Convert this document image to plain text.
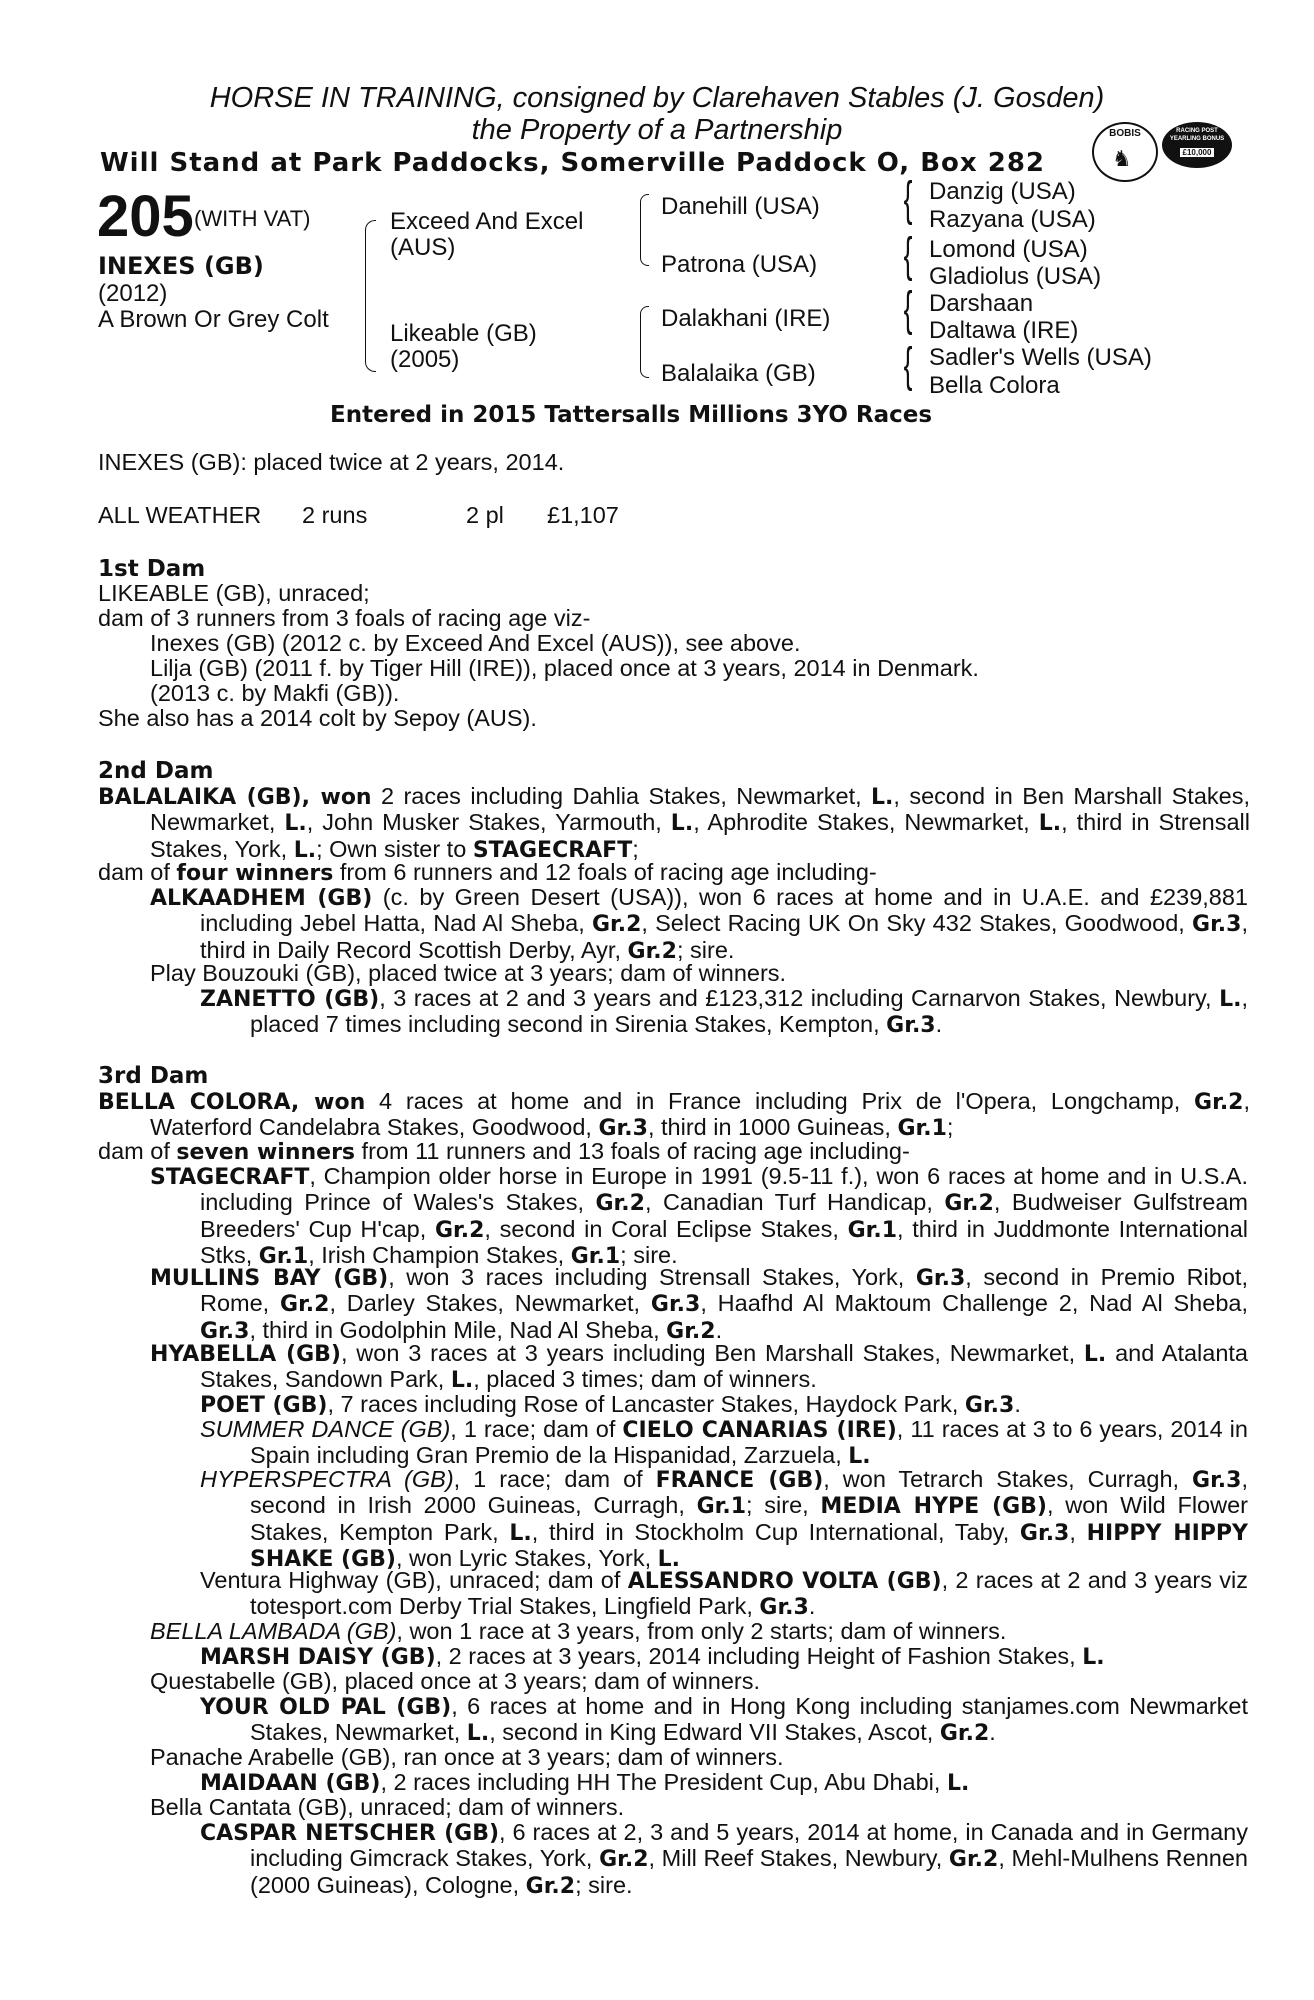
HORSE IN TRAINING, consigned by Clarehaven Stables (J. Gosden)
the Property of a Partnership
Will Stand at Park Paddocks, Somerville Paddock O, Box 282
BOBIS
♞
RACING POST
YEARLING BONUS
£10,000
205 (WITH VAT)
INEXES (GB)
(2012)
A Brown Or Grey Colt
Exceed And Excel
(AUS)
Likeable (GB)
(2005)
Danehill (USA)
Patrona (USA)
Dalakhani (IRE)
Balalaika (GB)
{
{
{
{
Danzig (USA)
Razyana (USA)
Lomond (USA)
Gladiolus (USA)
Darshaan
Daltawa (IRE)
Sadler's Wells (USA)
Bella Colora
Entered in 2015 Tattersalls Millions 3YO Races
INEXES (GB): placed twice at 2 years, 2014.
ALL WEATHER 2 runs	2 pl £1,107
1st Dam
LIKEABLE (GB), unraced;
dam of 3 runners from 3 foals of racing age viz-
Inexes (GB) (2012 c. by Exceed And Excel (AUS)), see above.
Lilja (GB) (2011 f. by Tiger Hill (IRE)), placed once at 3 years, 2014 in Denmark.
(2013 c. by Makfi (GB)).
She also has a 2014 colt by Sepoy (AUS).
2nd Dam
BALALAIKA (GB), won 2 races including Dahlia Stakes, Newmarket, L., second in Ben Marshall Stakes, Newmarket, L., John Musker Stakes, Yarmouth, L., Aphrodite Stakes, Newmarket, L., third in Strensall Stakes, York, L.; Own sister to STAGECRAFT;
dam of four winners from 6 runners and 12 foals of racing age including-
ALKAADHEM (GB) (c. by Green Desert (USA)), won 6 races at home and in U.A.E. and £239,881 including Jebel Hatta, Nad Al Sheba, Gr.2, Select Racing UK On Sky 432 Stakes, Goodwood, Gr.3, third in Daily Record Scottish Derby, Ayr, Gr.2; sire.
Play Bouzouki (GB), placed twice at 3 years; dam of winners.
ZANETTO (GB), 3 races at 2 and 3 years and £123,312 including Carnarvon Stakes, Newbury, L., placed 7 times including second in Sirenia Stakes, Kempton, Gr.3.
3rd Dam
BELLA COLORA, won 4 races at home and in France including Prix de l'Opera, Longchamp, Gr.2, Waterford Candelabra Stakes, Goodwood, Gr.3, third in 1000 Guineas, Gr.1;
dam of seven winners from 11 runners and 13 foals of racing age including-
STAGECRAFT, Champion older horse in Europe in 1991 (9.5-11 f.), won 6 races at home and in U.S.A. including Prince of Wales's Stakes, Gr.2, Canadian Turf Handicap, Gr.2, Budweiser Gulfstream Breeders' Cup H'cap, Gr.2, second in Coral Eclipse Stakes, Gr.1, third in Juddmonte International Stks, Gr.1, Irish Champion Stakes, Gr.1; sire.
MULLINS BAY (GB), won 3 races including Strensall Stakes, York, Gr.3, second in Premio Ribot, Rome, Gr.2, Darley Stakes, Newmarket, Gr.3, Haafhd Al Maktoum Challenge 2, Nad Al Sheba, Gr.3, third in Godolphin Mile, Nad Al Sheba, Gr.2.
HYABELLA (GB), won 3 races at 3 years including Ben Marshall Stakes, Newmarket, L. and Atalanta Stakes, Sandown Park, L., placed 3 times; dam of winners.
POET (GB), 7 races including Rose of Lancaster Stakes, Haydock Park, Gr.3.
SUMMER DANCE (GB), 1 race; dam of CIELO CANARIAS (IRE), 11 races at 3 to 6 years, 2014 in Spain including Gran Premio de la Hispanidad, Zarzuela, L.
HYPERSPECTRA (GB), 1 race; dam of FRANCE (GB), won Tetrarch Stakes, Curragh, Gr.3, second in Irish 2000 Guineas, Curragh, Gr.1; sire, MEDIA HYPE (GB), won Wild Flower Stakes, Kempton Park, L., third in Stockholm Cup International, Taby, Gr.3, HIPPY HIPPY SHAKE (GB), won Lyric Stakes, York, L.
Ventura Highway (GB), unraced; dam of ALESSANDRO VOLTA (GB), 2 races at 2 and 3 years viz totesport.com Derby Trial Stakes, Lingfield Park, Gr.3.
BELLA LAMBADA (GB), won 1 race at 3 years, from only 2 starts; dam of winners.
MARSH DAISY (GB), 2 races at 3 years, 2014 including Height of Fashion Stakes, L.
Questabelle (GB), placed once at 3 years; dam of winners.
YOUR OLD PAL (GB), 6 races at home and in Hong Kong including stanjames.com Newmarket Stakes, Newmarket, L., second in King Edward VII Stakes, Ascot, Gr.2.
Panache Arabelle (GB), ran once at 3 years; dam of winners.
MAIDAAN (GB), 2 races including HH The President Cup, Abu Dhabi, L.
Bella Cantata (GB), unraced; dam of winners.
CASPAR NETSCHER (GB), 6 races at 2, 3 and 5 years, 2014 at home, in Canada and in Germany including Gimcrack Stakes, York, Gr.2, Mill Reef Stakes, Newbury, Gr.2, Mehl-Mulhens Rennen (2000 Guineas), Cologne, Gr.2; sire.
